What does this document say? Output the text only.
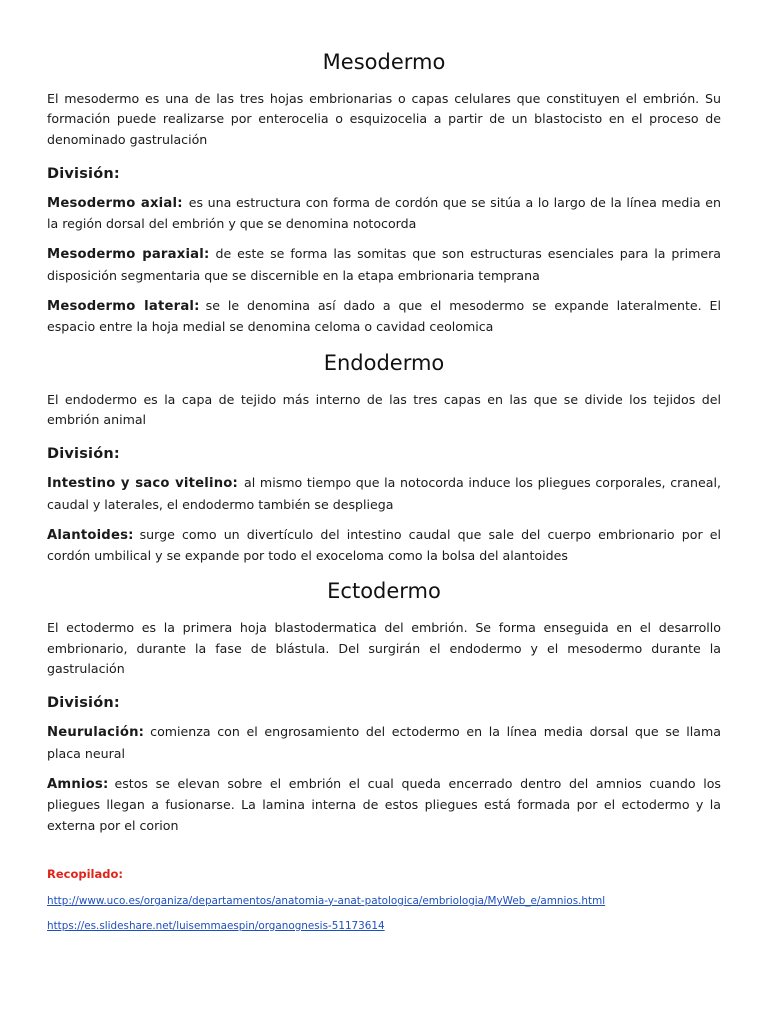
Mesodermo

El mesodermo es una de las tres hojas embrionarias o capas celulares que constituyen el embrión. Su formación puede realizarse por enterocelia o esquizocelia a partir de un blastocisto en el proceso de denominado gastrulación

División:

Mesodermo axial: es una estructura con forma de cordón que se sitúa a lo largo de la línea media en la región dorsal del embrión y que se denomina notocorda

Mesodermo paraxial: de este se forma las somitas que son estructuras esenciales para la primera disposición segmentaria que se discernible en la etapa embrionaria temprana

Mesodermo lateral: se le denomina así dado a que el mesodermo se expande lateralmente. El espacio entre la hoja medial se denomina celoma o cavidad ceolomica

Endodermo

El endodermo es la capa de tejido más interno de las tres capas en las que se divide los tejidos del embrión animal

División:

Intestino y saco vitelino: al mismo tiempo que la notocorda induce los pliegues corporales, craneal, caudal y laterales, el endodermo también se despliega

Alantoides: surge como un divertículo del intestino caudal que sale del cuerpo embrionario por el cordón umbilical y se expande por todo el exoceloma como la bolsa del alantoides

Ectodermo

El ectodermo es la primera hoja blastodermatica del embrión. Se forma enseguida en el desarrollo embrionario, durante la fase de blástula. Del surgirán el endodermo y el mesodermo durante la gastrulación

División:

Neurulación: comienza con el engrosamiento del ectodermo en la línea media dorsal que se llama placa neural

Amnios: estos se elevan sobre el embrión el cual queda encerrado dentro del amnios cuando los pliegues llegan a fusionarse. La lamina interna de estos pliegues está formada por el ectodermo y la externa por el corion

Recopilado:

http://www.uco.es/organiza/departamentos/anatomia-y-anat-patologica/embriologia/MyWeb_e/amnios.html
https://es.slideshare.net/luisemmaespin/organognesis-51173614
